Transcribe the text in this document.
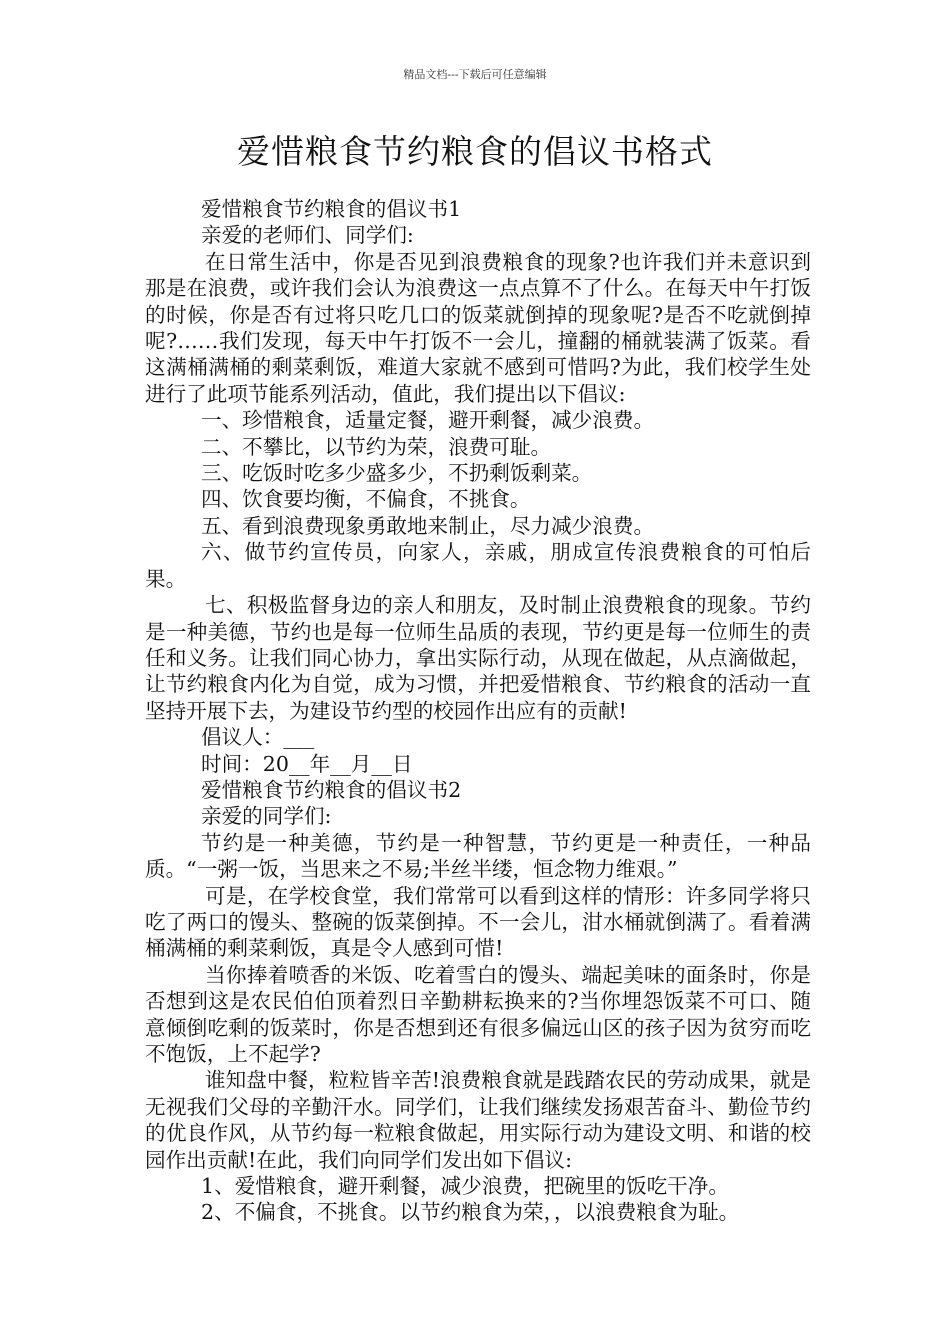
精品文档---下载后可任意编辑
爱惜粮食节约粮食的倡议书格式

爱惜粮食节约粮食的倡议书1

亲爱的老师们、同学们:

在日常生活中，你是否见到浪费粮食的现象?也许我们并未意识到那是在浪费，或许我们会认为浪费这一点点算不了什么。在每天中午打饭的时候，你是否有过将只吃几口的饭菜就倒掉的现象呢?是否不吃就倒掉呢?……我们发现，每天中午打饭不一会儿，撞翻的桶就装满了饭菜。看这满桶满桶的剩菜剩饭，难道大家就不感到可惜吗?为此，我们校学生处进行了此项节能系列活动，值此，我们提出以下倡议:

一、珍惜粮食，适量定餐，避开剩餐，减少浪费。

二、不攀比，以节约为荣，浪费可耻。

三、吃饭时吃多少盛多少，不扔剩饭剩菜。

四、饮食要均衡，不偏食，不挑食。

五、看到浪费现象勇敢地来制止，尽力减少浪费。

六、做节约宣传员，向家人，亲戚，朋成宣传浪费粮食的可怕后果。

七、积极监督身边的亲人和朋友，及时制止浪费粮食的现象。节约是一种美德，节约也是每一位师生品质的表现，节约更是每一位师生的责任和义务。让我们同心协力，拿出实际行动，从现在做起，从点滴做起，让节约粮食内化为自觉，成为习惯，并把爱惜粮食、节约粮食的活动一直坚持开展下去，为建设节约型的校园作出应有的贡献!

倡议人：___

时间：20__年__月__日

爱惜粮食节约粮食的倡议书2

亲爱的同学们:

节约是一种美德，节约是一种智慧，节约更是一种责任，一种品质。“一粥一饭，当思来之不易;半丝半缕，恒念物力维艰。”

可是，在学校食堂，我们常常可以看到这样的情形：许多同学将只吃了两口的馒头、整碗的饭菜倒掉。不一会儿，泔水桶就倒满了。看着满桶满桶的剩菜剩饭，真是令人感到可惜!

当你捧着喷香的米饭、吃着雪白的馒头、端起美味的面条时，你是否想到这是农民伯伯顶着烈日辛勤耕耘换来的?当你埋怨饭菜不可口、随意倾倒吃剩的饭菜时，你是否想到还有很多偏远山区的孩子因为贫穷而吃不饱饭，上不起学?

谁知盘中餐，粒粒皆辛苦!浪费粮食就是践踏农民的劳动成果，就是无视我们父母的辛勤汗水。同学们，让我们继续发扬艰苦奋斗、勤俭节约的优良作风，从节约每一粒粮食做起，用实际行动为建设文明、和谐的校园作出贡献!在此，我们向同学们发出如下倡议:

1、爱惜粮食，避开剩餐，减少浪费，把碗里的饭吃干净。

2、不偏食，不挑食。以节约粮食为荣，，以浪费粮食为耻。
